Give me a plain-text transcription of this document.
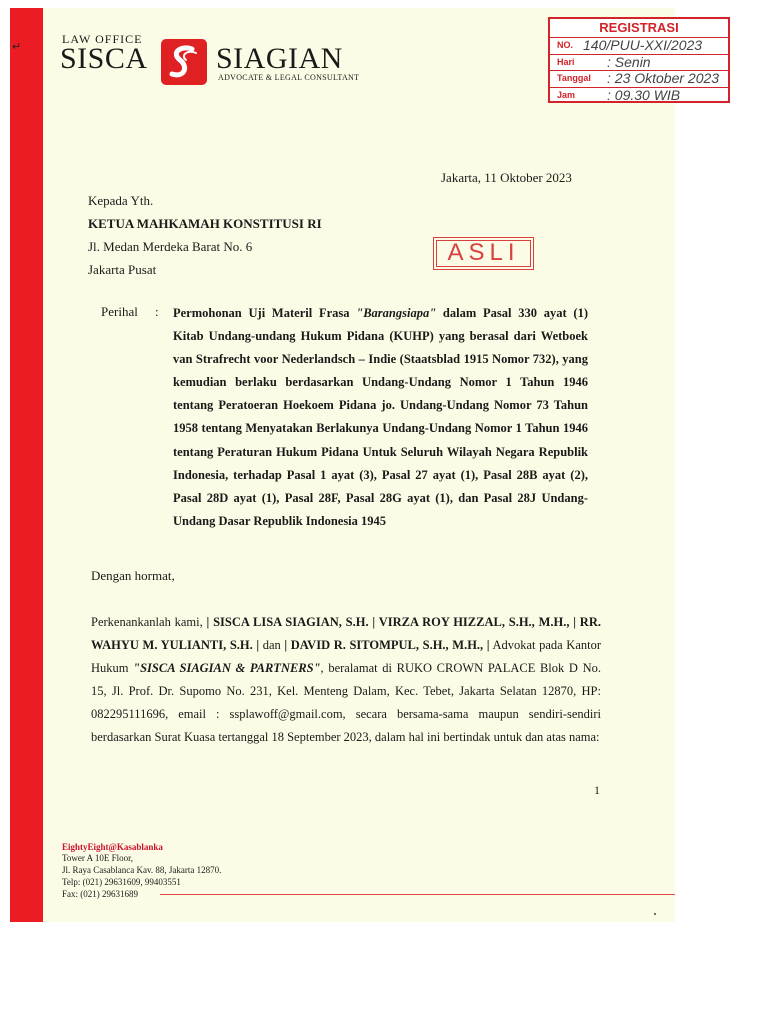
↵
LAW OFFICE
SISCA SIAGIAN
ADVOCATE & LEGAL CONSULTANT
REGISTRASI
NO. 140/PUU-XXI/2023
Hari : Senin
Tanggal : 23 Oktober 2023
Jam : 09.30 WIB
Jakarta, 11 Oktober 2023
Kepada Yth.
KETUA MAHKAMAH KONSTITUSI RI
Jl. Medan Merdeka Barat No. 6
Jakarta Pusat
ASLI
Perihal : Permohonan Uji Materil Frasa "Barangsiapa" dalam Pasal 330 ayat (1) Kitab Undang-undang Hukum Pidana (KUHP) yang berasal dari Wetboek van Strafrecht voor Nederlandsch – Indie (Staatsblad 1915 Nomor 732), yang kemudian berlaku berdasarkan Undang-Undang Nomor 1 Tahun 1946 tentang Peratoeran Hoekoem Pidana jo. Undang-Undang Nomor 73 Tahun 1958 tentang Menyatakan Berlakunya Undang-Undang Nomor 1 Tahun 1946 tentang Peraturan Hukum Pidana Untuk Seluruh Wilayah Negara Republik Indonesia, terhadap Pasal 1 ayat (3), Pasal 27 ayat (1), Pasal 28B ayat (2), Pasal 28D ayat (1), Pasal 28F, Pasal 28G ayat (1), dan Pasal 28J Undang-Undang Dasar Republik Indonesia 1945
Dengan hormat,
Perkenankanlah kami, | SISCA LISA SIAGIAN, S.H. | VIRZA ROY HIZZAL, S.H., M.H., | RR. WAHYU M. YULIANTI, S.H. | dan | DAVID R. SITOMPUL, S.H., M.H., | Advokat pada Kantor Hukum "SISCA SIAGIAN & PARTNERS", beralamat di RUKO CROWN PALACE Blok D No. 15, Jl. Prof. Dr. Supomo No. 231, Kel. Menteng Dalam, Kec. Tebet, Jakarta Selatan 12870, HP: 082295111696, email : ssplawoff@gmail.com, secara bersama-sama maupun sendiri-sendiri berdasarkan Surat Kuasa tertanggal 18 September 2023, dalam hal ini bertindak untuk dan atas nama:
1
EightyEight@Kasablanka
Tower A 10E Floor,
Jl. Raya Casablanca Kav. 88, Jakarta 12870.
Telp: (021) 29631609, 99403551
Fax: (021) 29631689
